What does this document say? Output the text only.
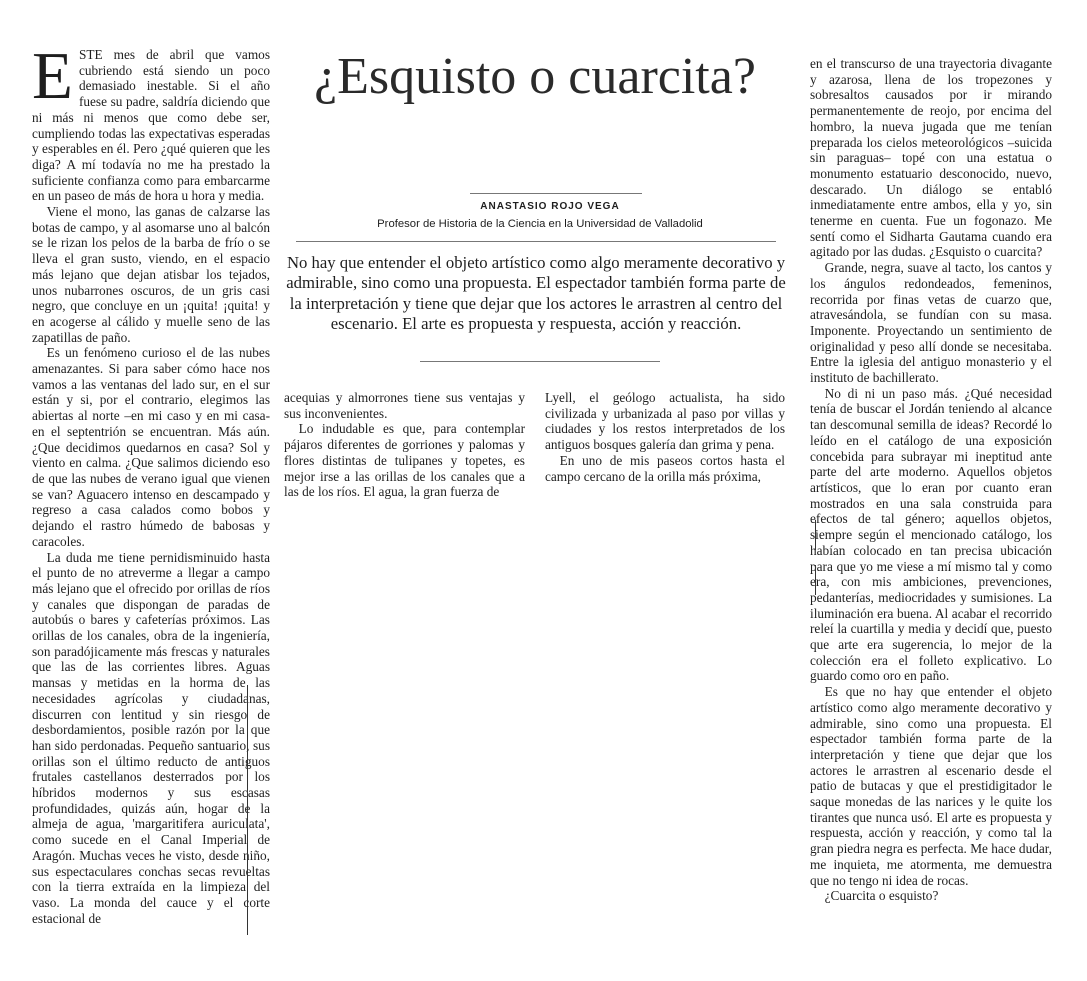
ESTE mes de abril que vamos cubriendo está siendo un poco demasiado inestable. Si el año fuese su padre, saldría diciendo que ni más ni menos que como debe ser, cumpliendo todas las expectativas esperadas y esperables en él. Pero ¿qué quieren que les diga? A mí todavía no me ha prestado la suficiente confianza como para embarcarme en un paseo de más de hora u hora y media.

Viene el mono, las ganas de calzarse las botas de campo, y al asomarse uno al balcón se le rizan los pelos de la barba de frío o se lleva el gran susto, viendo, en el espacio más lejano que dejan atisbar los tejados, unos nubarrones oscuros, de un gris casi negro, que concluye en un ¡quita! ¡quita! y en acogerse al cálido y muelle seno de las zapatillas de paño.

Es un fenómeno curioso el de las nubes amenazantes. Si para saber cómo hace nos vamos a las ventanas del lado sur, en el sur están y si, por el contrario, elegimos las abiertas al norte –en mi caso y en mi casa- en el septentrión se encuentran. Más aún. ¿Que decidimos quedarnos en casa? Sol y viento en calma. ¿Que salimos diciendo eso de que las nubes de verano igual que vienen se van? Aguacero intenso en descampado y regreso a casa calados como bobos y dejando el rastro húmedo de babosas y caracoles.

La duda me tiene pernidisminuido hasta el punto de no atreverme a llegar a campo más lejano que el ofrecido por orillas de ríos y canales que dispongan de paradas de autobús o bares y cafeterías próximos. Las orillas de los canales, obra de la ingeniería, son paradójicamente más frescas y naturales que las de las corrientes libres. Aguas mansas y metidas en la horma de las necesidades agrícolas y ciudadanas, discurren con lentitud y sin riesgo de desbordamientos, posible razón por la que han sido perdonadas. Pequeño santuario, sus orillas son el último reducto de antiguos frutales castellanos desterrados por los híbridos modernos y sus escasas profundidades, quizás aún, hogar de la almeja de agua, 'margaritifera auriculata', como sucede en el Canal Imperial de Aragón. Muchas veces he visto, desde niño, sus espectaculares conchas secas revueltas con la tierra extraída en la limpieza del vaso. La monda del cauce y el corte estacional de

¿Esquisto o cuarcita?
ANASTASIO ROJO VEGA
Profesor de Historia de la Ciencia en la Universidad de Valladolid

No hay que entender el objeto artístico como algo meramente decorativo y admirable, sino como una propuesta. El espectador también forma parte de la interpretación y tiene que dejar que los actores le arrastren al centro del escenario. El arte es propuesta y respuesta, acción y reacción.

acequias y almorrones tiene sus ventajas y sus inconvenientes.

Lo indudable es que, para contemplar pájaros diferentes de gorriones y palomas y flores distintas de tulipanes y topetes, es mejor irse a las orillas de los canales que a las de los ríos. El agua, la gran fuerza de

Lyell, el geólogo actualista, ha sido civilizada y urbanizada al paso por villas y ciudades y los restos interpretados de los antiguos bosques galería dan grima y pena.

En uno de mis paseos cortos hasta el campo cercano de la orilla más próxima,

en el transcurso de una trayectoria divagante y azarosa, llena de los tropezones y sobresaltos causados por ir mirando permanentemente de reojo, por encima del hombro, la nueva jugada que me tenían preparada los cielos meteorológicos –suicida sin paraguas– topé con una estatua o monumento estatuario desconocido, nuevo, descarado. Un diálogo se entabló inmediatamente entre ambos, ella y yo, sin tenerme en cuenta. Fue un fogonazo. Me sentí como el Sidharta Gautama cuando era agitado por las dudas. ¿Esquisto o cuarcita?

Grande, negra, suave al tacto, los cantos y los ángulos redondeados, femeninos, recorrida por finas vetas de cuarzo que, atravesándola, se fundían con su masa. Imponente. Proyectando un sentimiento de originalidad y peso allí donde se necesitaba. Entre la iglesia del antiguo monasterio y el instituto de bachillerato.

No di ni un paso más. ¿Qué necesidad tenía de buscar el Jordán teniendo al alcance tan descomunal semilla de ideas? Recordé lo leído en el catálogo de una exposición concebida para subrayar mi ineptitud ante parte del arte moderno. Aquellos objetos artísticos, que lo eran por cuanto eran mostrados en una sala construida para efectos de tal género; aquellos objetos, siempre según el mencionado catálogo, los habían colocado en tan precisa ubicación para que yo me viese a mí mismo tal y como era, con mis ambiciones, prevenciones, pedanterías, mediocridades y sumisiones. La iluminación era buena. Al acabar el recorrido releí la cuartilla y media y decidí que, puesto que arte era sugerencia, lo mejor de la colección era el folleto explicativo. Lo guardo como oro en paño.

Es que no hay que entender el objeto artístico como algo meramente decorativo y admirable, sino como una propuesta. El espectador también forma parte de la interpretación y tiene que dejar que los actores le arrastren al escenario desde el patio de butacas y que el prestidigitador le saque monedas de las narices y le quite los tirantes que nunca usó. El arte es propuesta y respuesta, acción y reacción, y como tal la gran piedra negra es perfecta. Me hace dudar, me inquieta, me atormenta, me demuestra que no tengo ni idea de rocas.

¿Cuarcita o esquisto?
